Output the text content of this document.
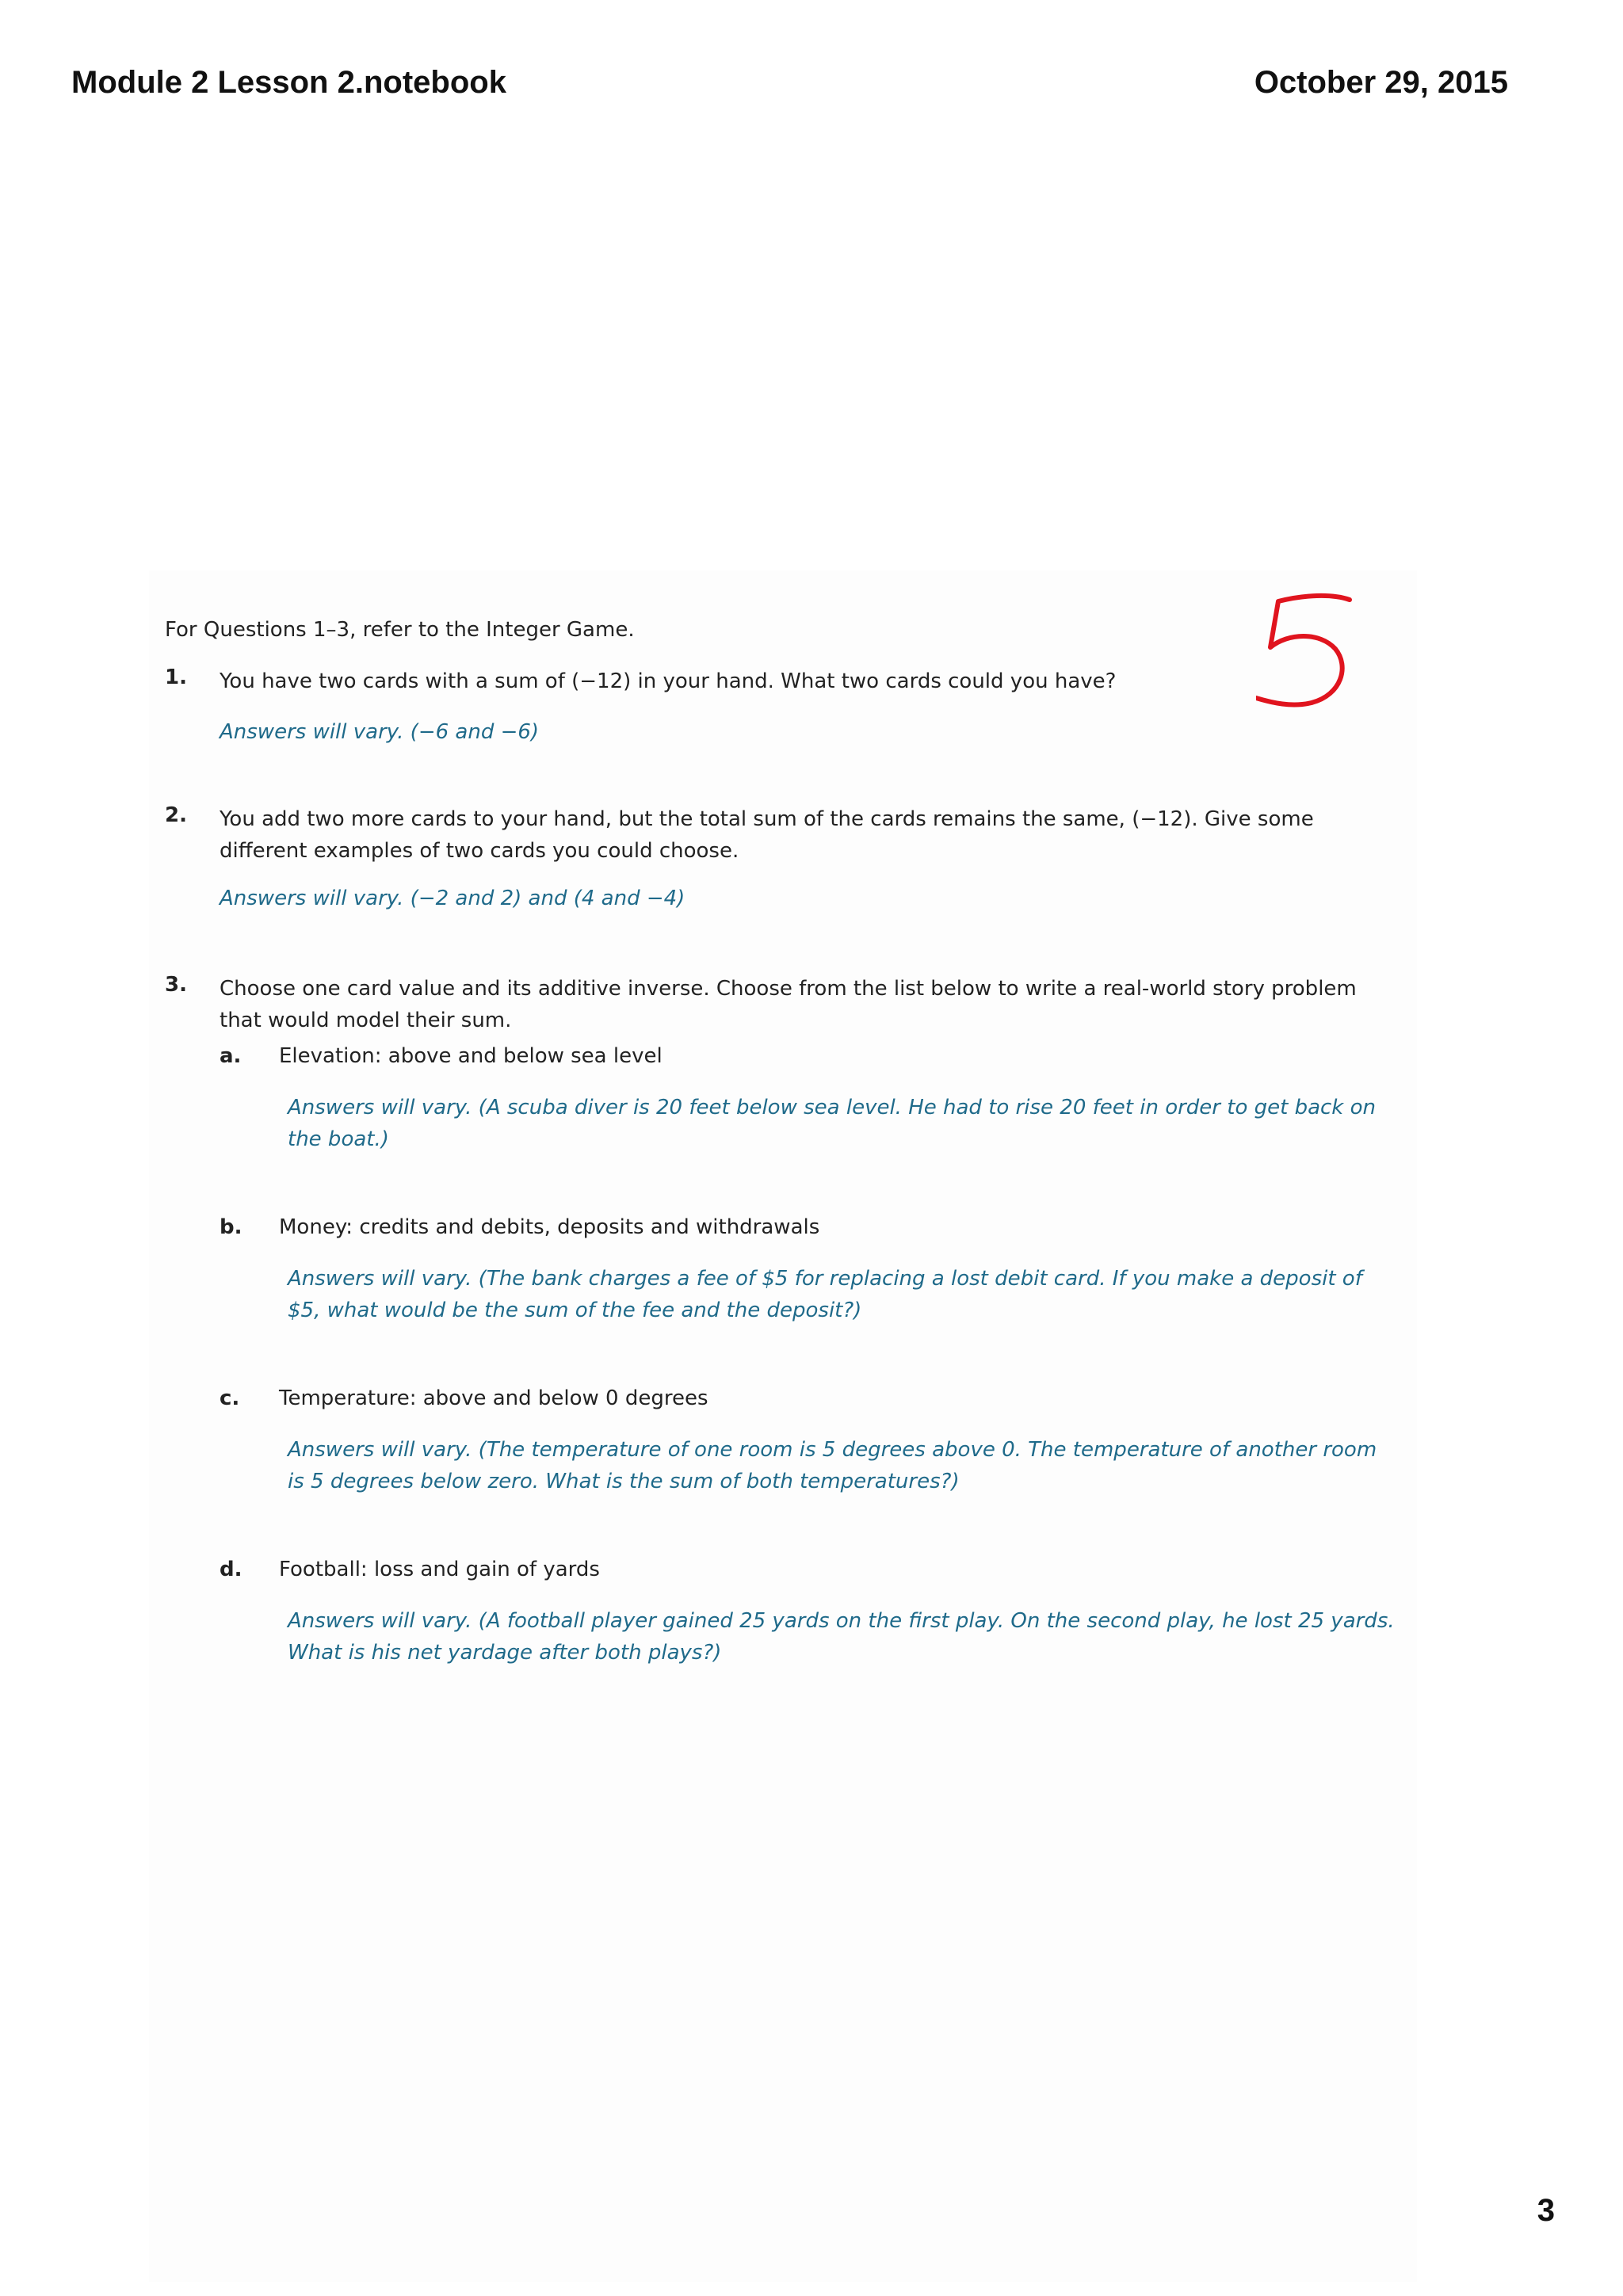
Module 2 Lesson 2.notebook	October 29, 2015
For Questions 1–3, refer to the Integer Game.
1. You have two cards with a sum of (−12) in your hand. What two cards could you have?
Answers will vary. (−6 and −6)
2. You add two more cards to your hand, but the total sum of the cards remains the same, (−12). Give some different examples of two cards you could choose.
Answers will vary. (−2 and 2) and (4 and −4)
3. Choose one card value and its additive inverse. Choose from the list below to write a real-world story problem that would model their sum.
a. Elevation: above and below sea level
Answers will vary. (A scuba diver is 20 feet below sea level. He had to rise 20 feet in order to get back on the boat.)
b. Money: credits and debits, deposits and withdrawals
Answers will vary. (The bank charges a fee of $5 for replacing a lost debit card. If you make a deposit of $5, what would be the sum of the fee and the deposit?)
c. Temperature: above and below 0 degrees
Answers will vary. (The temperature of one room is 5 degrees above 0. The temperature of another room is 5 degrees below zero. What is the sum of both temperatures?)
d. Football: loss and gain of yards
Answers will vary. (A football player gained 25 yards on the first play. On the second play, he lost 25 yards. What is his net yardage after both plays?)
3
